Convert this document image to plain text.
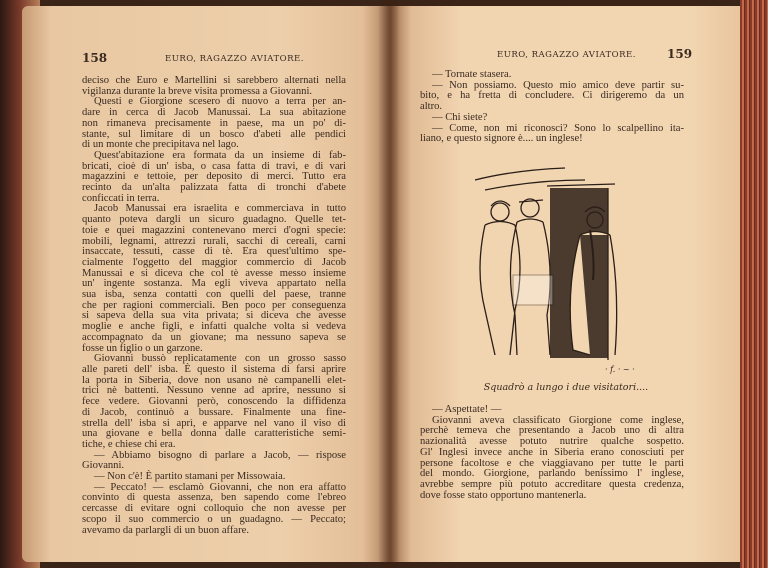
158	EURO, RAGAZZO AVIATORE.	EURO, RAGAZZO AVIATORE.	159
deciso che Euro e Martellini si sarebbero alternati nella
vigilanza durante la breve visita promessa a Giovanni.
Questi e Giorgione scesero di nuovo a terra per an-
dare in cerca di Jacob Manussai. La sua abitazione
non rimaneva precisamente in paese, ma un po' di-
stante, sul limitare di un bosco d'abeti alle pendici
di un monte che precipitava nel lago.
Quest'abitazione era formata da un insieme di fab-
bricati, cioè di un' isba, o casa fatta di travi, e di vari
magazzini e tettoie, per deposito di merci. Tutto era
recinto da un'alta palizzata fatta di tronchi d'abete
conficcati in terra.
Jacob Manussai era israelita e commerciava in tutto
quanto poteva dargli un sicuro guadagno. Quelle tet-
toie e quei magazzini contenevano merci d'ogni specie:
mobili, legnami, attrezzi rurali, sacchi di cereali, carni
insaccate, tessuti, casse di tè. Era quest'ultimo spe-
cialmente l'oggetto del maggior commercio di Jacob
Manussai e si diceva che col tè avesse messo insieme
un' ingente sostanza. Ma egli viveva appartato nella
sua isba, senza contatti con quelli del paese, tranne
che per ragioni commerciali. Ben poco per conseguenza
si sapeva della sua vita privata; si diceva che avesse
moglie e anche figli, e infatti qualche volta si vedeva
accompagnato da un giovane; ma nessuno sapeva se
fosse un figlio o un garzone.
Giovanni bussò replicatamente con un grosso sasso
alle pareti dell' isba. È questo il sistema di farsi aprire
la porta in Siberia, dove non usano nè campanelli elet-
trici nè battenti. Nessuno venne ad aprire, nessuno si
fece vedere. Giovanni però, conoscendo la diffidenza
di Jacob, continuò a bussare. Finalmente una fine-
strella dell' isba si aprì, e apparve nel vano il viso di
una giovane e bella donna dalle caratteristiche semi-
tiche, e chiese chi era.
— Abbiamo bisogno di parlare a Jacob, — rispose
Giovanni.
— Non c'è! È partito stamani per Missowaia.
— Peccato! — esclamò Giovanni, che non era affatto
convinto di questa assenza, ben sapendo come l'ebreo
cercasse di evitare ogni colloquio che non avesse per
scopo il suo commercio o un guadagno. — Peccato;
avevamo da parlargli di un buon affare.
— Tornate stasera.
— Non possiamo. Questo mio amico deve partir su-
bito, e ha fretta di concludere. Ci dirigeremo da un
altro.
— Chi siete?
— Come, non mi riconosci? Sono lo scalpellino ita-
liano, e questo signore è.... un inglese!
· f. · ~ ·
Squadrò a lungo i due visitatori....
— Aspettate! —
Giovanni aveva classificato Giorgione come inglese,
perchè temeva che presentando a Jacob uno di altra
nazionalità avesse potuto nutrire qualche sospetto.
Gl' Inglesi invece anche in Siberia erano conosciuti per
persone facoltose e che viaggiavano per tutte le parti
del mondo. Giorgione, parlando benissimo l' inglese,
avrebbe sempre più potuto accreditare questa credenza,
dove fosse stato opportuno mantenerla.
